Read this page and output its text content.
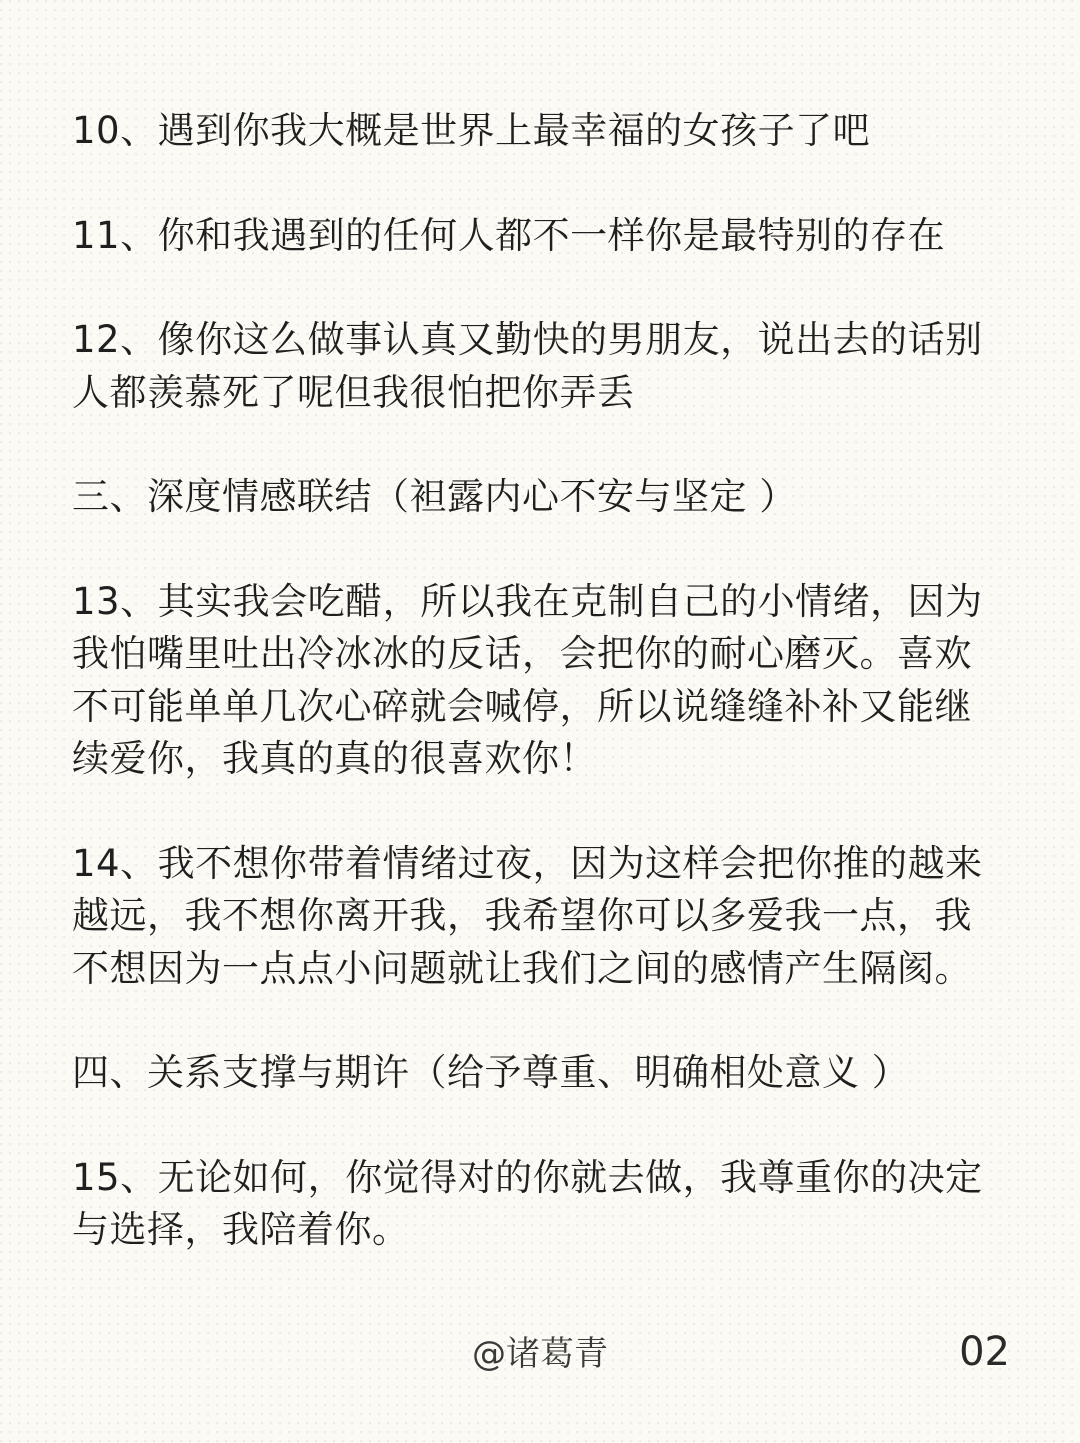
10、遇到你我大概是世界上最幸福的女孩子了吧

11、你和我遇到的任何人都不一样你是最特别的存在

12、像你这么做事认真又勤快的男朋友，说出去的话别人都羡慕死了呢但我很怕把你弄丢

三、深度情感联结（袒露内心不安与坚定 ）

13、其实我会吃醋，所以我在克制自己的小情绪，因为我怕嘴里吐出冷冰冰的反话，会把你的耐心磨灭。喜欢不可能单单几次心碎就会喊停，所以说缝缝补补又能继续爱你，我真的真的很喜欢你！

14、我不想你带着情绪过夜，因为这样会把你推的越来越远，我不想你离开我，我希望你可以多爱我一点，我不想因为一点点小问题就让我们之间的感情产生隔阂。

四、关系支撑与期许（给予尊重、明确相处意义 ）

15、无论如何，你觉得对的你就去做，我尊重你的决定与选择，我陪着你。

@诸葛青	02
